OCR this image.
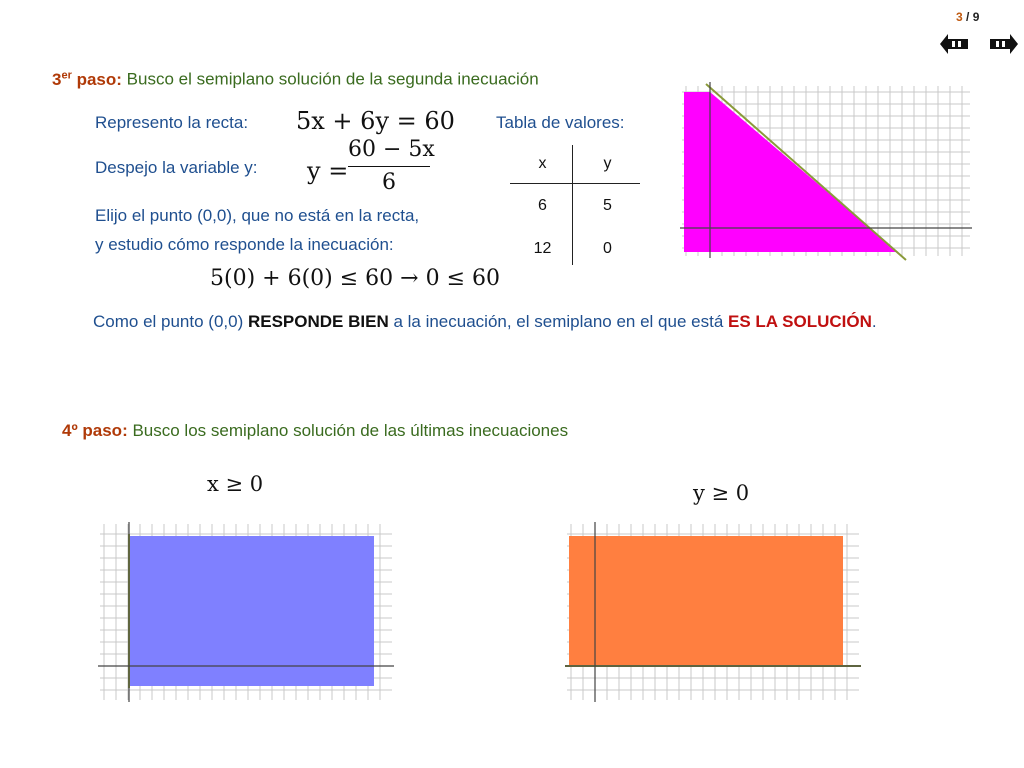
3 / 9
3er paso: Busco el semiplano solución de la segunda inecuación
Represento la recta: 5x + 6y = 60
Despejo la variable y: y =
60 − 5x
6
Elijo el punto (0,0), que no está en la recta,
y estudio cómo responde la inecuación:
5(0) + 6(0) ≤ 60 → 0 ≤ 60
Tabla de valores:
x	y
6	5
12	0
Como el punto (0,0) RESPONDE BIEN a la inecuación, el semiplano en el que está ES LA SOLUCIÓN.
4º paso: Busco los semiplano solución de las últimas inecuaciones
x ≥ 0	y ≥ 0
